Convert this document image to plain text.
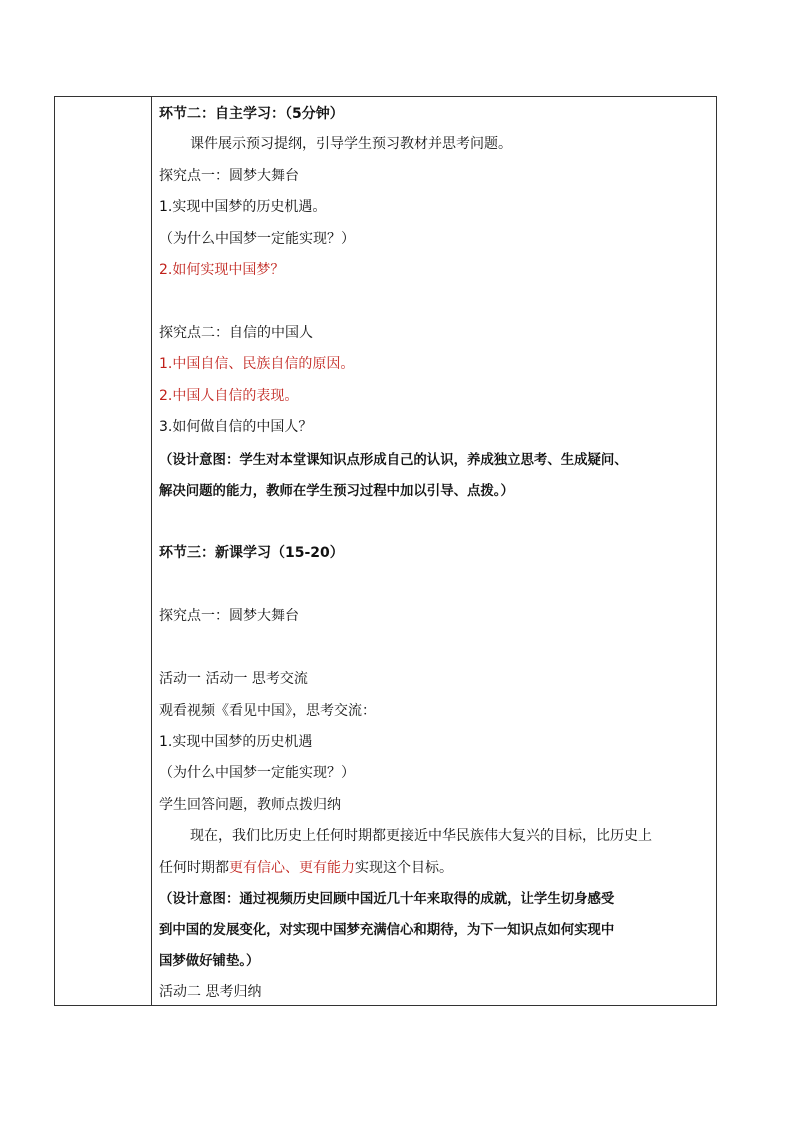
环节二：自主学习：（5分钟）
课件展示预习提纲，引导学生预习教材并思考问题。
探究点一：圆梦大舞台
1.实现中国梦的历史机遇。
（为什么中国梦一定能实现？）
2.如何实现中国梦？
探究点二：自信的中国人
1.中国自信、民族自信的原因。
2.中国人自信的表现。
3.如何做自信的中国人？
（设计意图：学生对本堂课知识点形成自己的认识，养成独立思考、生成疑问、
解决问题的能力，教师在学生预习过程中加以引导、点拨。）
环节三：新课学习（15-20）
探究点一：圆梦大舞台
活动一 活动一 思考交流
观看视频《看见中国》，思考交流：
1.实现中国梦的历史机遇
（为什么中国梦一定能实现？）
学生回答问题，教师点拨归纳
现在，我们比历史上任何时期都更接近中华民族伟大复兴的目标，比历史上
任何时期都更有信心、更有能力实现这个目标。
（设计意图：通过视频历史回顾中国近几十年来取得的成就，让学生切身感受
到中国的发展变化，对实现中国梦充满信心和期待，为下一知识点如何实现中
国梦做好铺垫。）
活动二 思考归纳
